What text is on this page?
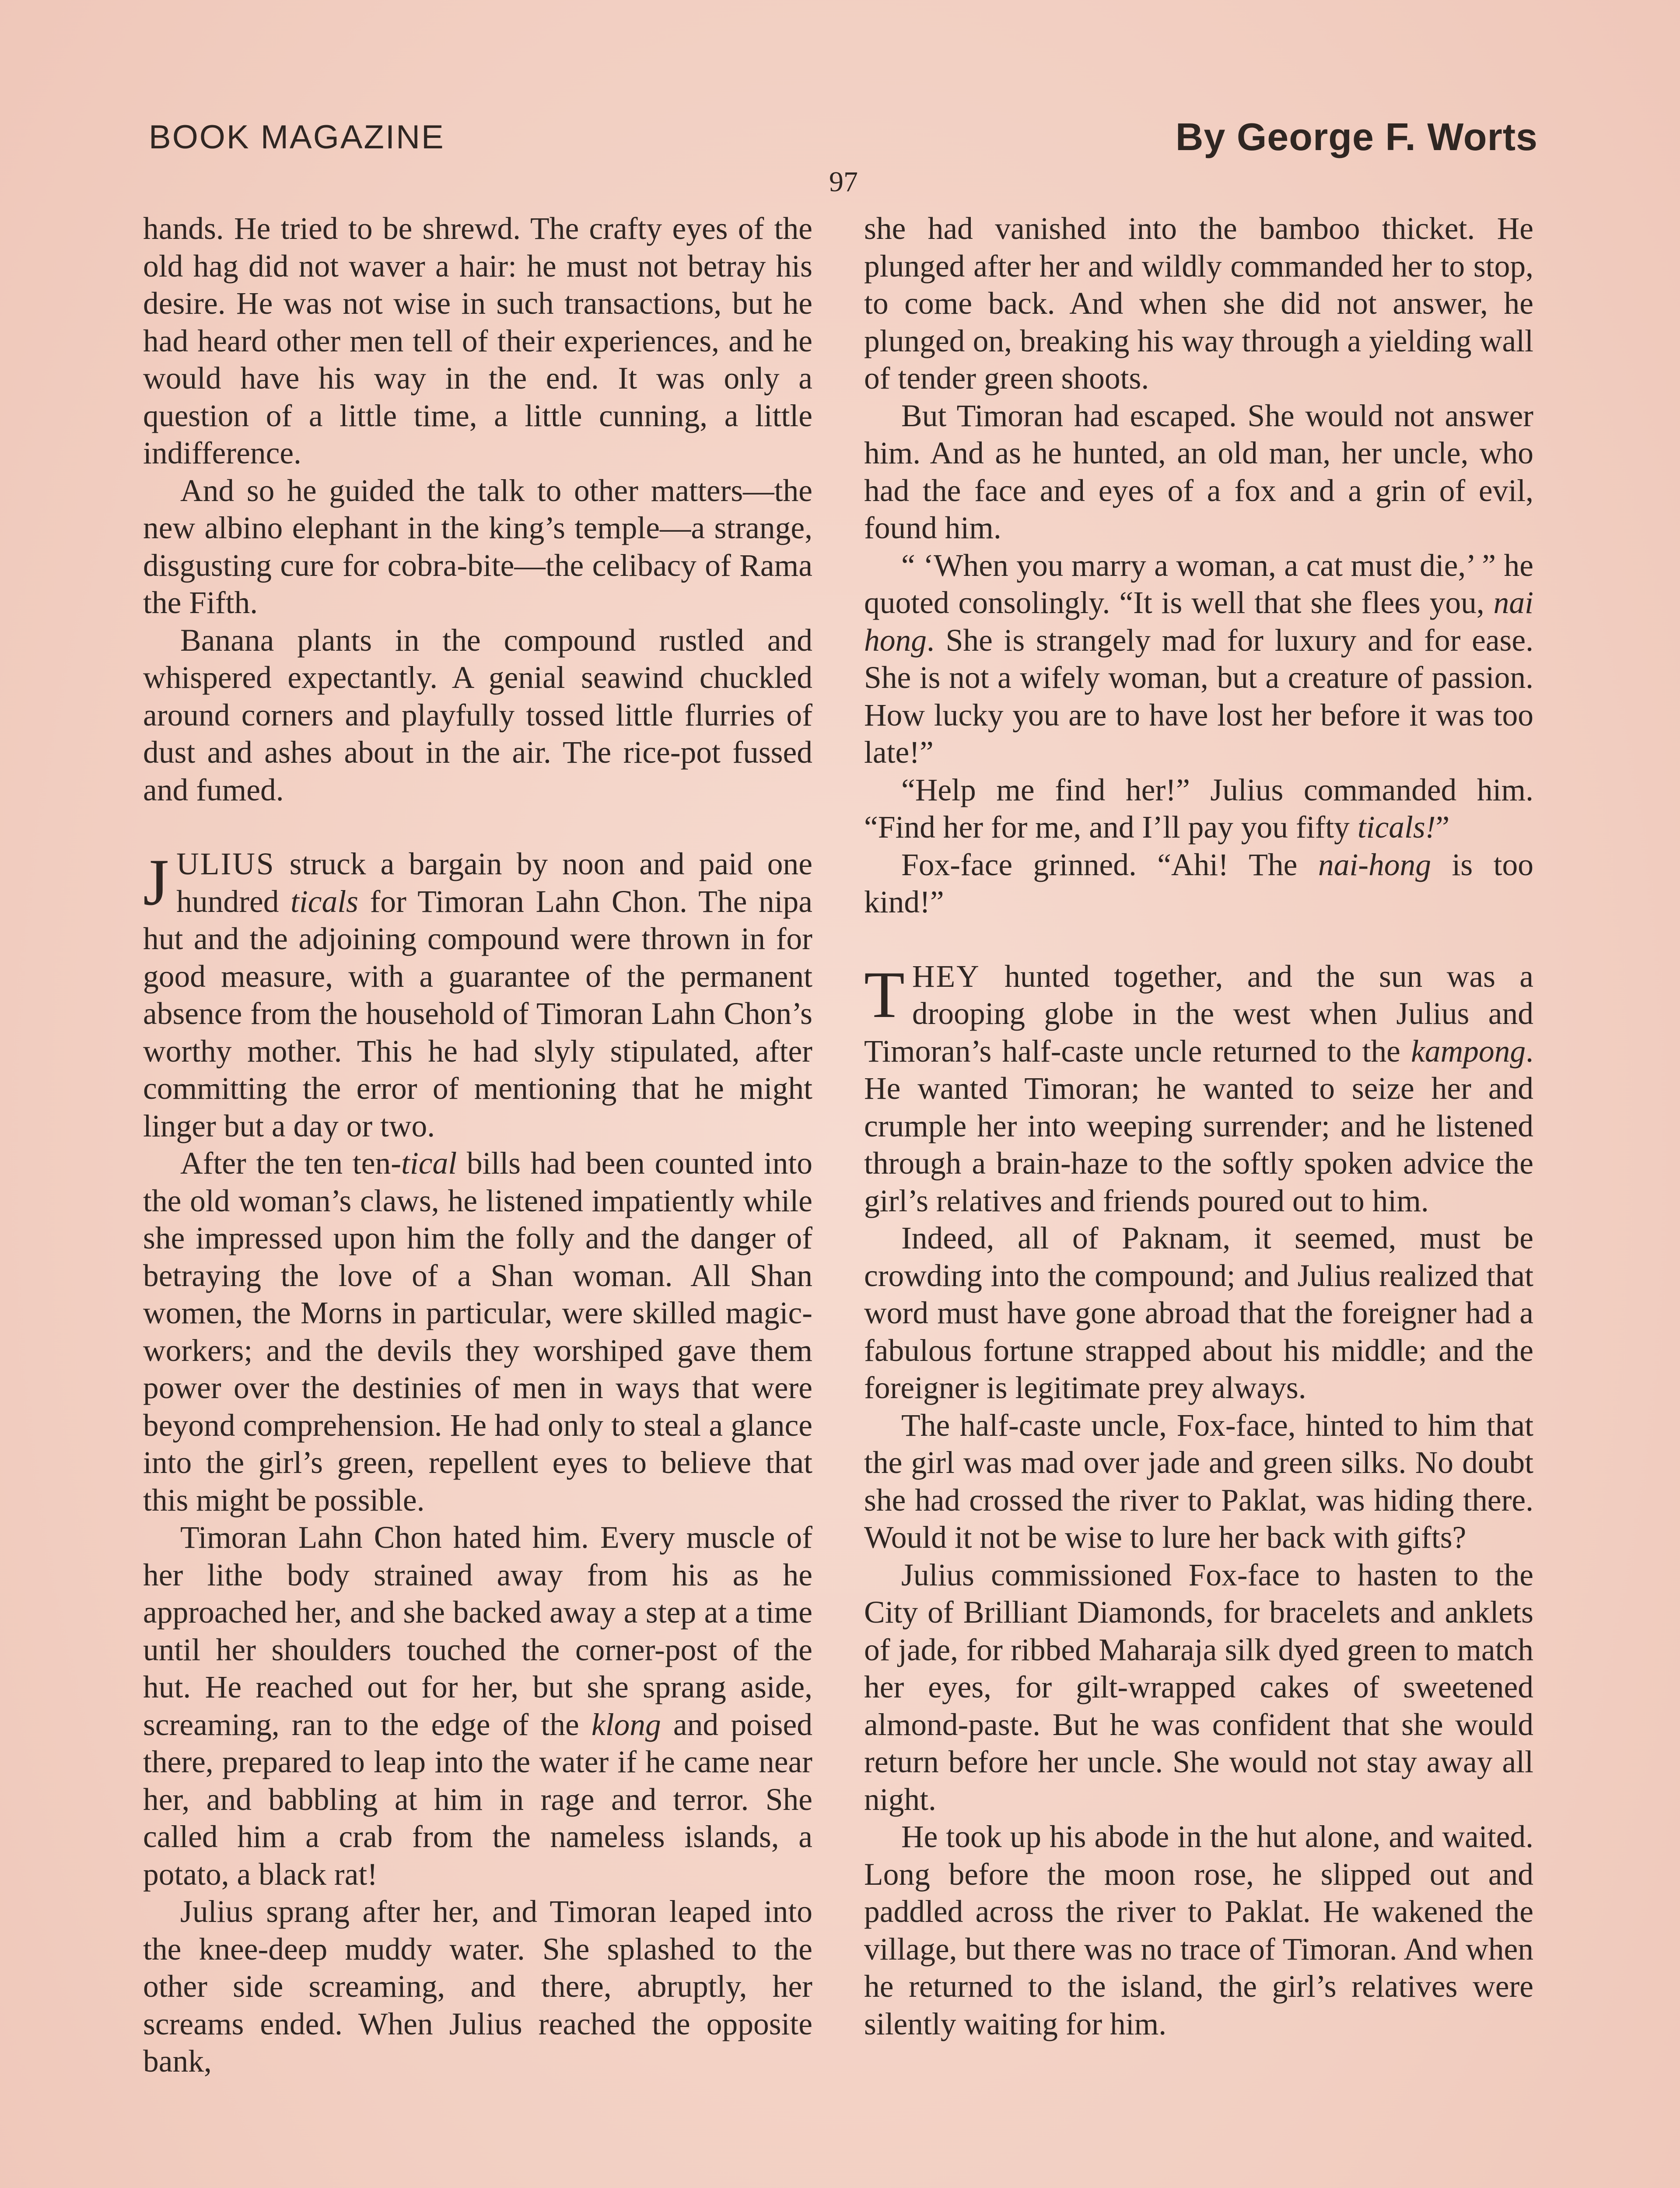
BOOK MAGAZINE	By George F. Worts
97

hands. He tried to be shrewd. The crafty eyes of the old hag did not waver a hair: he must not betray his desire. He was not wise in such transactions, but he had heard other men tell of their experiences, and he would have his way in the end. It was only a question of a little time, a little cunning, a little indifference.

And so he guided the talk to other matters—the new albino elephant in the king’s temple—a strange, disgusting cure for cobra-bite—the celibacy of Rama the Fifth.

Banana plants in the compound rustled and whispered expectantly. A genial seawind chuckled around corners and playfully tossed little flurries of dust and ashes about in the air. The rice-pot fussed and fumed.

JULIUS struck a bargain by noon and paid one hundred ticals for Timoran Lahn Chon. The nipa hut and the adjoining compound were thrown in for good measure, with a guarantee of the permanent absence from the household of Timoran Lahn Chon’s worthy mother. This he had slyly stipulated, after committing the error of mentioning that he might linger but a day or two.

After the ten ten-tical bills had been counted into the old woman’s claws, he listened impatiently while she impressed upon him the folly and the danger of betraying the love of a Shan woman. All Shan women, the Morns in particular, were skilled magic-workers; and the devils they worshiped gave them power over the destinies of men in ways that were beyond comprehension. He had only to steal a glance into the girl’s green, repellent eyes to believe that this might be possible.

Timoran Lahn Chon hated him. Every muscle of her lithe body strained away from his as he approached her, and she backed away a step at a time until her shoulders touched the corner-post of the hut. He reached out for her, but she sprang aside, screaming, ran to the edge of the klong and poised there, prepared to leap into the water if he came near her, and babbling at him in rage and terror. She called him a crab from the nameless islands, a potato, a black rat!

Julius sprang after her, and Timoran leaped into the knee-deep muddy water. She splashed to the other side screaming, and there, abruptly, her screams ended. When Julius reached the opposite bank,

she had vanished into the bamboo thicket. He plunged after her and wildly commanded her to stop, to come back. And when she did not answer, he plunged on, breaking his way through a yielding wall of tender green shoots.

But Timoran had escaped. She would not answer him. And as he hunted, an old man, her uncle, who had the face and eyes of a fox and a grin of evil, found him.

“ ‘When you marry a woman, a cat must die,’ ” he quoted consolingly. “It is well that she flees you, nai hong. She is strangely mad for luxury and for ease. She is not a wifely woman, but a creature of passion. How lucky you are to have lost her before it was too late!”

“Help me find her!” Julius commanded him. “Find her for me, and I’ll pay you fifty ticals!”

Fox-face grinned. “Ahi! The nai-hong is too kind!”

THEY hunted together, and the sun was a drooping globe in the west when Julius and Timoran’s half-caste uncle returned to the kampong. He wanted Timoran; he wanted to seize her and crumple her into weeping surrender; and he listened through a brain-haze to the softly spoken advice the girl’s relatives and friends poured out to him.

Indeed, all of Paknam, it seemed, must be crowding into the compound; and Julius realized that word must have gone abroad that the foreigner had a fabulous fortune strapped about his middle; and the foreigner is legitimate prey always.

The half-caste uncle, Fox-face, hinted to him that the girl was mad over jade and green silks. No doubt she had crossed the river to Paklat, was hiding there. Would it not be wise to lure her back with gifts?

Julius commissioned Fox-face to hasten to the City of Brilliant Diamonds, for bracelets and anklets of jade, for ribbed Maharaja silk dyed green to match her eyes, for gilt-wrapped cakes of sweetened almond-paste. But he was confident that she would return before her uncle. She would not stay away all night.

He took up his abode in the hut alone, and waited. Long before the moon rose, he slipped out and paddled across the river to Paklat. He wakened the village, but there was no trace of Timoran. And when he returned to the island, the girl’s relatives were silently waiting for him.
